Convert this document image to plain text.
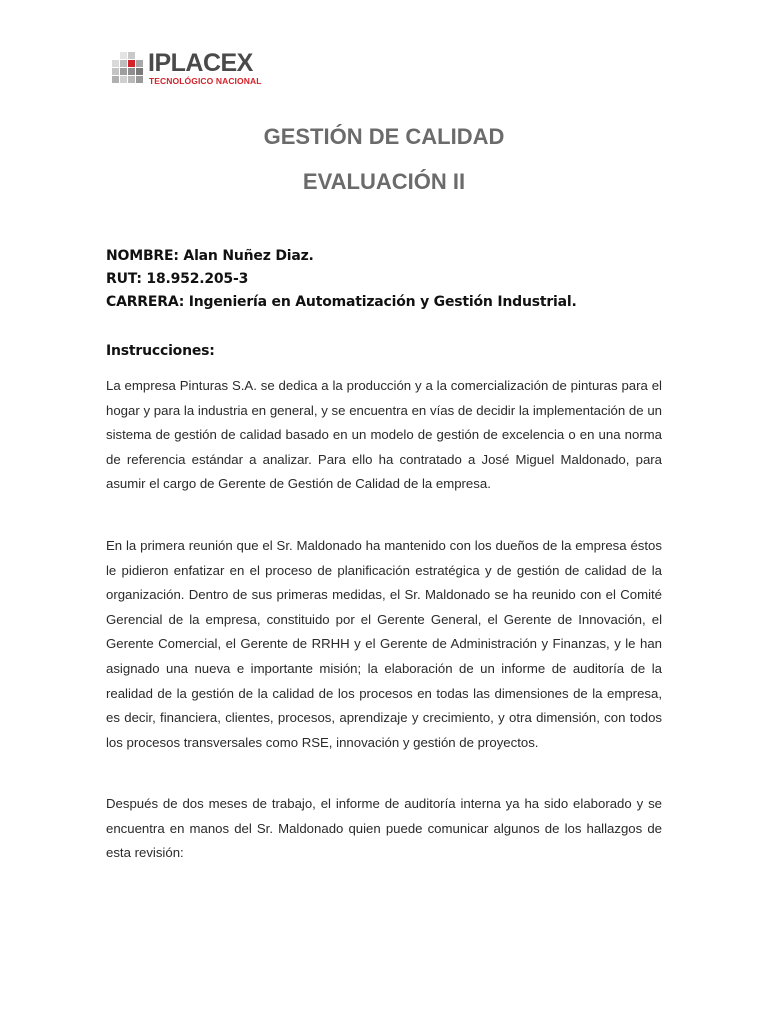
IPLACEX
TECNOLÓGICO NACIONAL
GESTIÓN DE CALIDAD
EVALUACIÓN II
NOMBRE: Alan Nuñez Diaz.
RUT: 18.952.205-3
CARRERA: Ingeniería en Automatización y Gestión Industrial.
Instrucciones:

La empresa Pinturas S.A. se dedica a la producción y a la comercialización de pinturas para el hogar y para la industria en general, y se encuentra en vías de decidir la implementación de un sistema de gestión de calidad basado en un modelo de gestión de excelencia o en una norma de referencia estándar a analizar. Para ello ha contratado a José Miguel Maldonado, para asumir el cargo de Gerente de Gestión de Calidad de la empresa.

En la primera reunión que el Sr. Maldonado ha mantenido con los dueños de la empresa éstos le pidieron enfatizar en el proceso de planificación estratégica y de gestión de calidad de la organización. Dentro de sus primeras medidas, el Sr. Maldonado se ha reunido con el Comité Gerencial de la empresa, constituido por el Gerente General, el Gerente de Innovación, el Gerente Comercial, el Gerente de RRHH y el Gerente de Administración y Finanzas, y le han asignado una nueva e importante misión; la elaboración de un informe de auditoría de la realidad de la gestión de la calidad de los procesos en todas las dimensiones de la empresa, es decir, financiera, clientes, procesos, aprendizaje y crecimiento, y otra dimensión, con todos los procesos transversales como RSE, innovación y gestión de proyectos.

Después de dos meses de trabajo, el informe de auditoría interna ya ha sido elaborado y se encuentra en manos del Sr. Maldonado quien puede comunicar algunos de los hallazgos de esta revisión:
